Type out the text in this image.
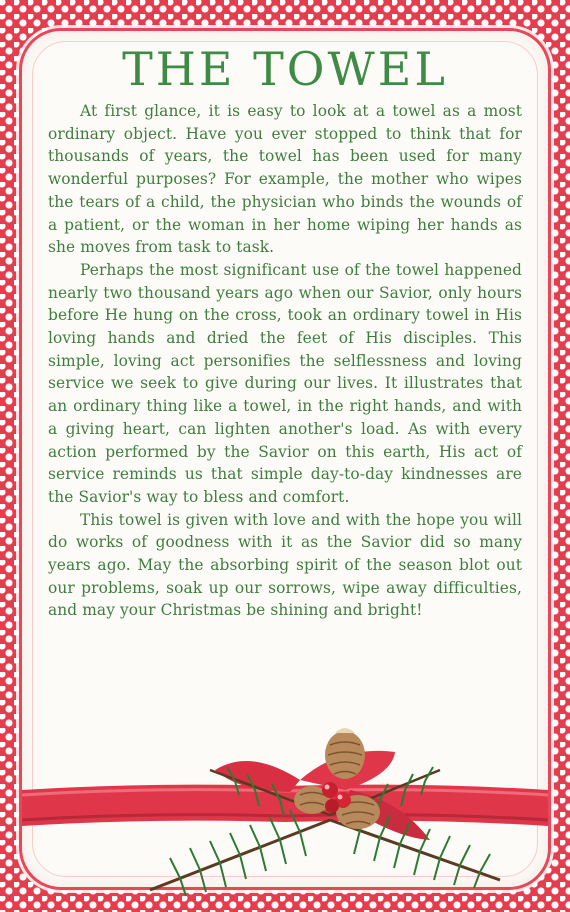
THE TOWEL

At first glance, it is easy to look at a towel as a most ordinary object. Have you ever stopped to think that for thousands of years, the towel has been used for many wonderful purposes? For example, the mother who wipes the tears of a child, the physician who binds the wounds of a patient, or the woman in her home wiping her hands as she moves from task to task.

Perhaps the most significant use of the towel happened nearly two thousand years ago when our Savior, only hours before He hung on the cross, took an ordinary towel in His loving hands and dried the feet of His disciples. This simple, loving act personifies the selflessness and loving service we seek to give during our lives. It illustrates that an ordinary thing like a towel, in the right hands, and with a giving heart, can lighten another's load. As with every action performed by the Savior on this earth, His act of service reminds us that simple day-to-day kindnesses are the Savior's way to bless and comfort.

This towel is given with love and with the hope you will do works of goodness with it as the Savior did so many years ago. May the absorbing spirit of the season blot out our problems, soak up our sorrows, wipe away difficulties, and may your Christmas be shining and bright!
